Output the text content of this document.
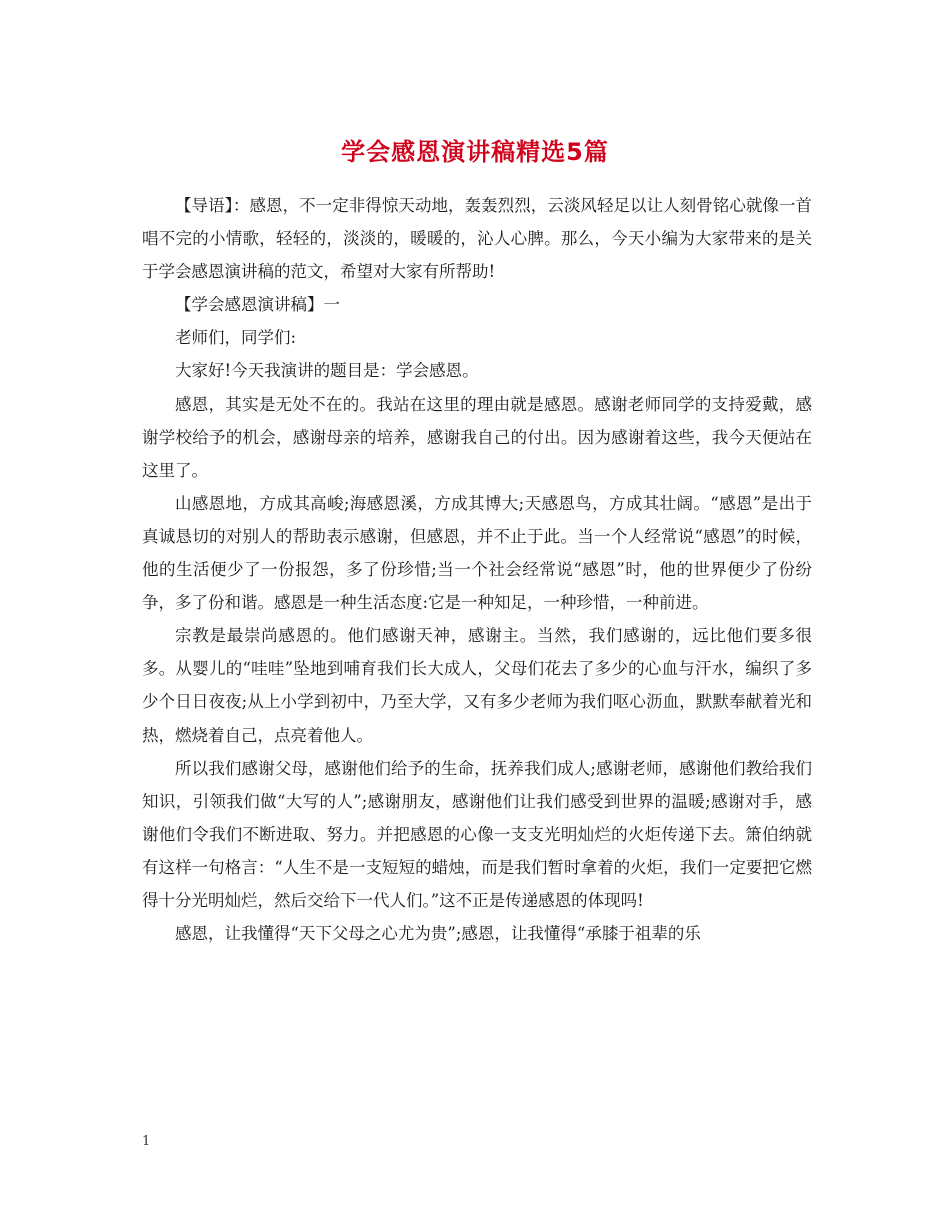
学会感恩演讲稿精选5篇

【导语】：感恩，不一定非得惊天动地，轰轰烈烈，云淡风轻足以让人刻骨铭心就像一首唱不完的小情歌，轻轻的，淡淡的，暖暖的，沁人心脾。那么，今天小编为大家带来的是关于学会感恩演讲稿的范文，希望对大家有所帮助!

【学会感恩演讲稿】一

老师们，同学们:

大家好!今天我演讲的题目是：学会感恩。

感恩，其实是无处不在的。我站在这里的理由就是感恩。感谢老师同学的支持爱戴，感谢学校给予的机会，感谢母亲的培养，感谢我自己的付出。因为感谢着这些，我今天便站在这里了。

山感恩地，方成其高峻;海感恩溪，方成其博大;天感恩鸟，方成其壮阔。“感恩”是出于真诚恳切的对别人的帮助表示感谢，但感恩，并不止于此。当一个人经常说“感恩”的时候，他的生活便少了一份报怨，多了份珍惜;当一个社会经常说“感恩”时，他的世界便少了份纷争，多了份和谐。感恩是一种生活态度:它是一种知足，一种珍惜，一种前进。

宗教是最崇尚感恩的。他们感谢天神，感谢主。当然，我们感谢的，远比他们要多很多。从婴儿的“哇哇”坠地到哺育我们长大成人，父母们花去了多少的心血与汗水，编织了多少个日日夜夜;从上小学到初中，乃至大学，又有多少老师为我们呕心沥血，默默奉献着光和热，燃烧着自己，点亮着他人。

所以我们感谢父母，感谢他们给予的生命，抚养我们成人;感谢老师，感谢他们教给我们知识，引领我们做“大写的人”;感谢朋友，感谢他们让我们感受到世界的温暖;感谢对手，感谢他们令我们不断进取、努力。并把感恩的心像一支支光明灿烂的火炬传递下去。箫伯纳就有这样一句格言：“人生不是一支短短的蜡烛，而是我们暂时拿着的火炬，我们一定要把它燃得十分光明灿烂，然后交给下一代人们。”这不正是传递感恩的体现吗!

感恩，让我懂得“天下父母之心尤为贵”;感恩，让我懂得“承膝于祖辈的乐

1
